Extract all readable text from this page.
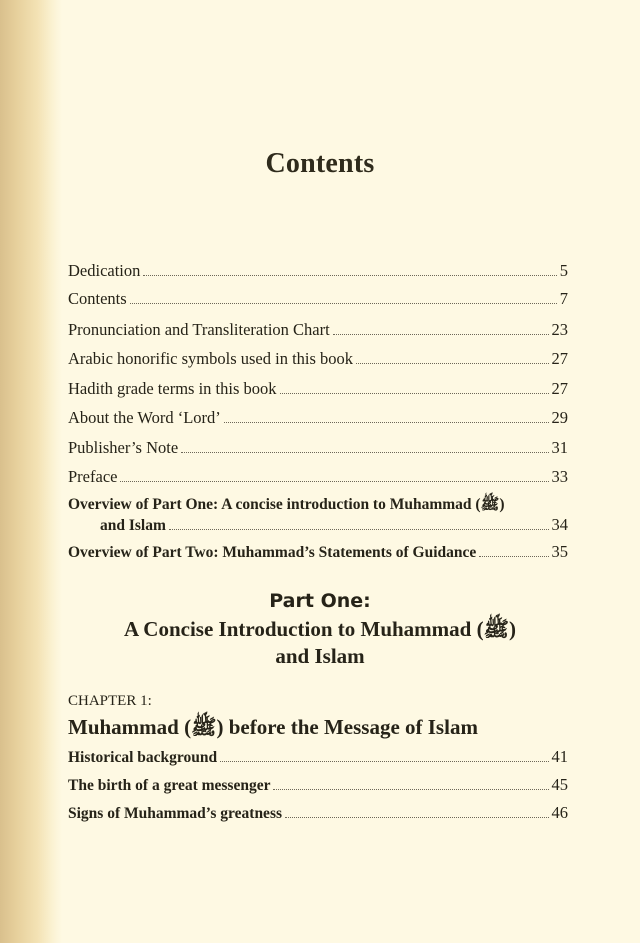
Contents
Dedication	5
Contents	7
Pronunciation and Transliteration Chart	23
Arabic honorific symbols used in this book	27
Hadith grade terms in this book	27
About the Word ‘Lord’	29
Publisher’s Note	31
Preface	33
Overview of Part One: A concise introduction to Muhammad (ﷺ)
and Islam	34
Overview of Part Two: Muhammad’s Statements of Guidance	35
Part One:
A Concise Introduction to Muhammad (ﷺ)
and Islam
CHAPTER 1:
Muhammad (ﷺ) before the Message of Islam
Historical background	41
The birth of a great messenger	45
Signs of Muhammad’s greatness	46
